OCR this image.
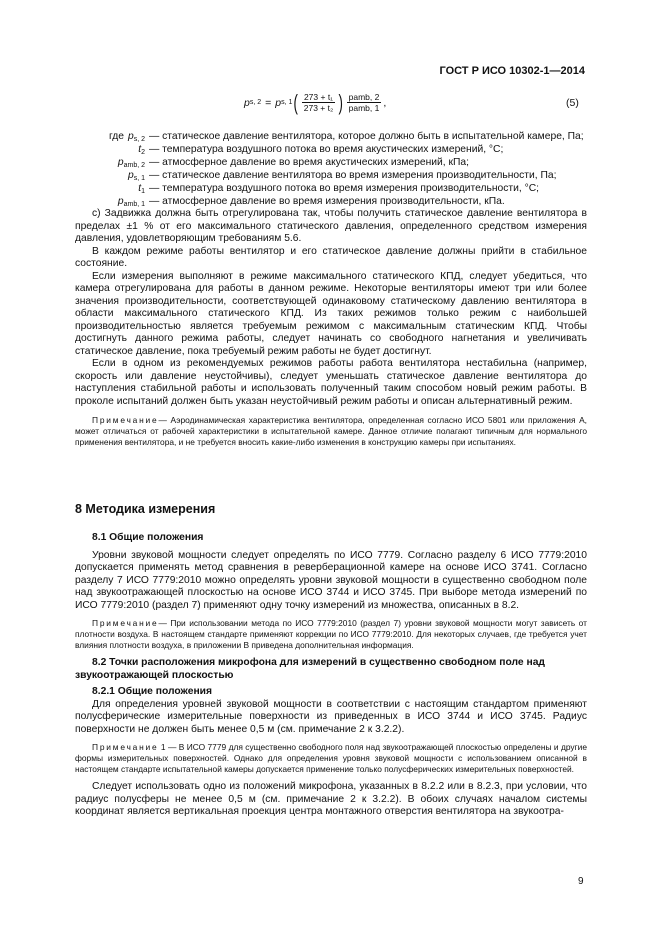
ГОСТ Р ИСО 10302-1—2014
p s, 2 = p s, 1 ( $\frac{\text{273 + t₁}}{\text{273 + t₂}}$ ) $\frac{\text{pamb, 2}}{\text{pamb, 1}}$ ,	(5)
где $p_{s, 2}$ — статическое давление вентилятора, которое должно быть в испытательной камере, Па;
$t_2$ — температура воздушного потока во время акустических измерений, °С;
$p_{amb, 2}$ — атмосферное давление во время акустических измерений, кПа;
$p_{s, 1}$ — статическое давление вентилятора во время измерения производительности, Па;
$t_1$ — температура воздушного потока во время измерения производительности, °С;
$p_{amb, 1}$ — атмосферное давление во время измерения производительности, кПа.

с) Задвижка должна быть отрегулирована так, чтобы получить статическое давление вентилятора в пределах ±1 % от его максимального статического давления, определенного средством измерения давления, удовлетворяющим требованиям 5.6.

В каждом режиме работы вентилятор и его статическое давление должны прийти в стабильное состояние.

Если измерения выполняют в режиме максимального статического КПД, следует убедиться, что камера отрегулирована для работы в данном режиме. Некоторые вентиляторы имеют три или более значения производительности, соответствующей одинаковому статическому давлению вентилятора в области максимального статического КПД. Из таких режимов только режим с наибольшей производительностью является требуемым режимом с максимальным статическим КПД. Чтобы достигнуть данного режима работы, следует начинать со свободного нагнетания и увеличивать статическое давление, пока требуемый режим работы не будет достигнут.

Если в одном из рекомендуемых режимов работы работа вентилятора нестабильна (например, скорость или давление неустойчивы), следует уменьшать статическое давление вентилятора до наступления стабильной работы и использовать полученный таким способом новый режим работы. В проколе испытаний должен быть указан неустойчивый режим работы и описан альтернативный режим.

Примечание— Аэродинамическая характеристика вентилятора, определенная согласно ИСО 5801 или приложения А, может отличаться от рабочей характеристики в испытательной камере. Данное отличие полагают типичным для нормального применения вентилятора, и не требуется вносить какие-либо изменения в конструкцию камеры при испытаниях.

8 Методика измерения

8.1 Общие положения

Уровни звуковой мощности следует определять по ИСО 7779. Согласно разделу 6 ИСО 7779:2010 допускается применять метод сравнения в реверберационной камере на основе ИСО 3741. Согласно разделу 7 ИСО 7779:2010 можно определять уровни звуковой мощности в существенно свободном поле над звукоотражающей плоскостью на основе ИСО 3744 и ИСО 3745. При выборе метода измерений по ИСО 7779:2010 (раздел 7) применяют одну точку измерений из множества, описанных в 8.2.

Примечание— При использовании метода по ИСО 7779:2010 (раздел 7) уровни звуковой мощности могут зависеть от плотности воздуха. В настоящем стандарте применяют коррекции по ИСО 7779:2010. Для некоторых случаев, где требуется учет влияния плотности воздуха, в приложении В приведена дополнительная информация.

8.2 Точки расположения микрофона для измерений в существенно свободном поле над звукоотражающей плоскостью

8.2.1 Общие положения

Для определения уровней звуковой мощности в соответствии с настоящим стандартом применяют полусферические измерительные поверхности из приведенных в ИСО 3744 и ИСО 3745. Радиус поверхности не должен быть менее 0,5 м (см. примечание 2 к 3.2.2).

Примечание 1 — В ИСО 7779 для существенно свободного поля над звукоотражающей плоскостью определены и другие формы измерительных поверхностей. Однако для определения уровня звуковой мощности с использованием описанной в настоящем стандарте испытательной камеры допускается применение только полусферических измерительных поверхностей.

Следует использовать одно из положений микрофона, указанных в 8.2.2 или в 8.2.3, при условии, что радиус полусферы не менее 0,5 м (см. примечание 2 к 3.2.2). В обоих случаях началом системы координат является вертикальная проекция центра монтажного отверстия вентилятора на звукоотра-

9
